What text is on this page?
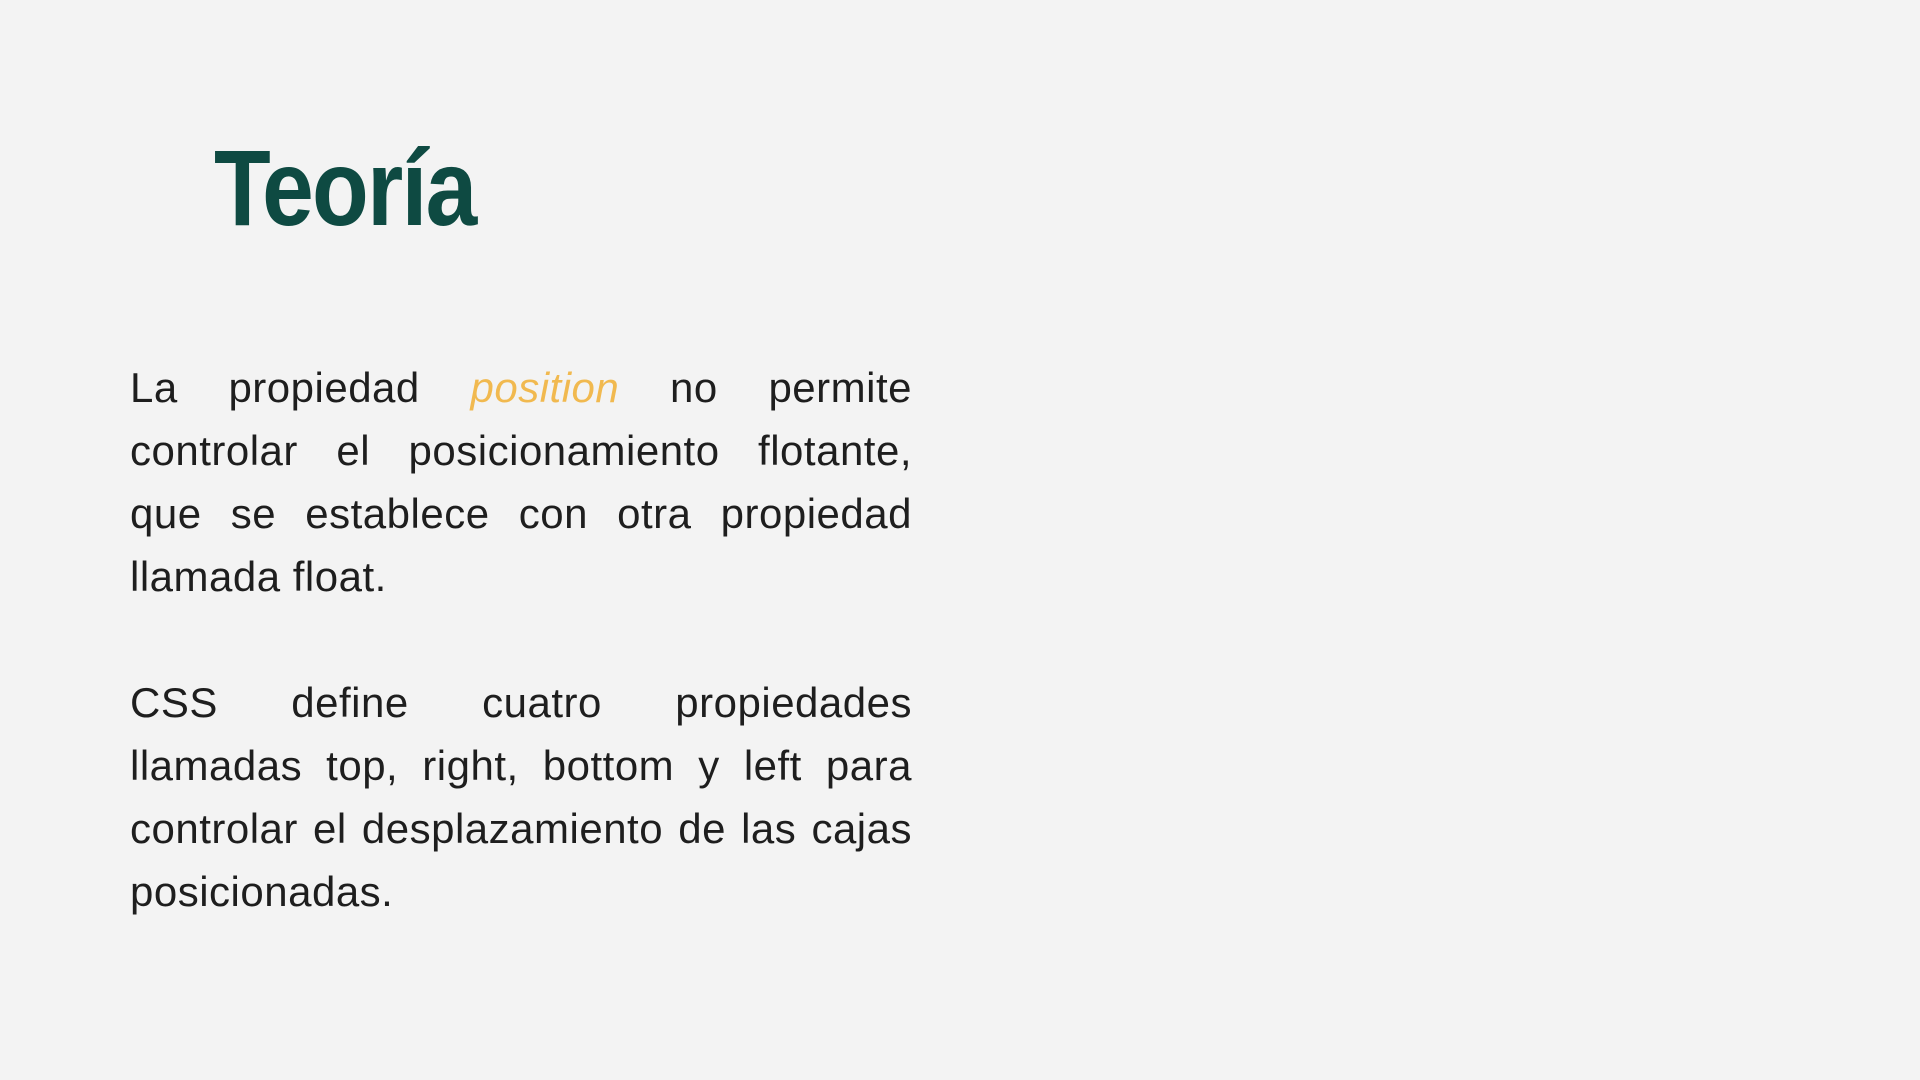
Teoría

La propiedad position no permite controlar el posicionamiento flotante, que se establece con otra propiedad llamada float.

CSS define cuatro propiedades llamadas top, right, bottom y left para controlar el desplazamiento de las cajas posicionadas.
